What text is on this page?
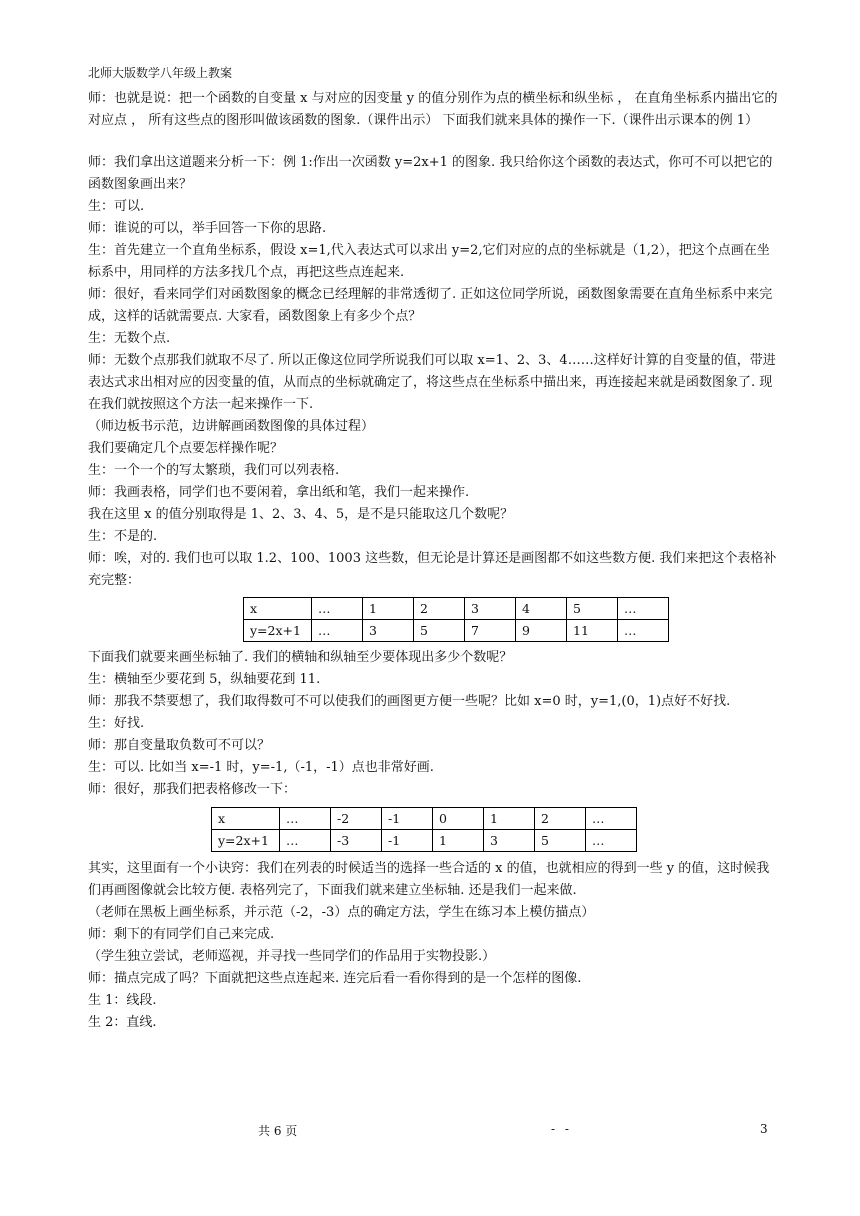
北师大版数学八年级上教案

师：也就是说：把一个函数的自变量 x 与对应的因变量 y 的值分别作为点的横坐标和纵坐标 ， 在直角坐标系内描出它的对应点 ， 所有这些点的图形叫做该函数的图象.（课件出示） 下面我们就来具体的操作一下.（课件出示课本的例 1）

师：我们拿出这道题来分析一下：例 1:作出一次函数 y=2x+1 的图象. 我只给你这个函数的表达式，你可不可以把它的函数图象画出来？

生：可以.

师：谁说的可以，举手回答一下你的思路.

生：首先建立一个直角坐标系，假设 x=1,代入表达式可以求出 y=2,它们对应的点的坐标就是（1,2），把这个点画在坐标系中，用同样的方法多找几个点，再把这些点连起来.

师：很好，看来同学们对函数图象的概念已经理解的非常透彻了. 正如这位同学所说，函数图象需要在直角坐标系中来完成，这样的话就需要点. 大家看，函数图象上有多少个点？

生：无数个点.

师：无数个点那我们就取不尽了. 所以正像这位同学所说我们可以取 x=1、2、3、4……这样好计算的自变量的值，带进表达式求出相对应的因变量的值，从而点的坐标就确定了，将这些点在坐标系中描出来，再连接起来就是函数图象了. 现在我们就按照这个方法一起来操作一下.

（师边板书示范，边讲解画函数图像的具体过程）

我们要确定几个点要怎样操作呢？

生：一个一个的写太繁琐，我们可以列表格.

师：我画表格，同学们也不要闲着，拿出纸和笔，我们一起来操作.

我在这里 x 的值分别取得是 1、2、3、4、5，是不是只能取这几个数呢？

生：不是的.

师：唉，对的. 我们也可以取 1.2、100、1003 这些数，但无论是计算还是画图都不如这些数方便. 我们来把这个表格补充完整：

x	…	1	2	3	4	5	…
y=2x+1	…	3	5	7	9	11	…

下面我们就要来画坐标轴了. 我们的横轴和纵轴至少要体现出多少个数呢？

生：横轴至少要花到 5，纵轴要花到 11.

师：那我不禁要想了，我们取得数可不可以使我们的画图更方便一些呢？比如 x=0 时，y=1,(0，1)点好不好找.

生：好找.

师：那自变量取负数可不可以？

生：可以. 比如当 x=-1 时，y=-1,（-1，-1）点也非常好画.

师：很好，那我们把表格修改一下：

x	…	-2	-1	0	1	2	…
y=2x+1	…	-3	-1	1	3	5	…

其实，这里面有一个小诀窍：我们在列表的时候适当的选择一些合适的 x 的值，也就相应的得到一些 y 的值，这时候我们再画图像就会比较方便. 表格列完了，下面我们就来建立坐标轴. 还是我们一起来做.

（老师在黑板上画坐标系，并示范（-2，-3）点的确定方法，学生在练习本上模仿描点）

师：剩下的有同学们自己来完成.

（学生独立尝试，老师巡视，并寻找一些同学们的作品用于实物投影.）

师：描点完成了吗？下面就把这些点连起来. 连完后看一看你得到的是一个怎样的图像.

生 1：线段.

生 2：直线.

共 6 页	- -	3
